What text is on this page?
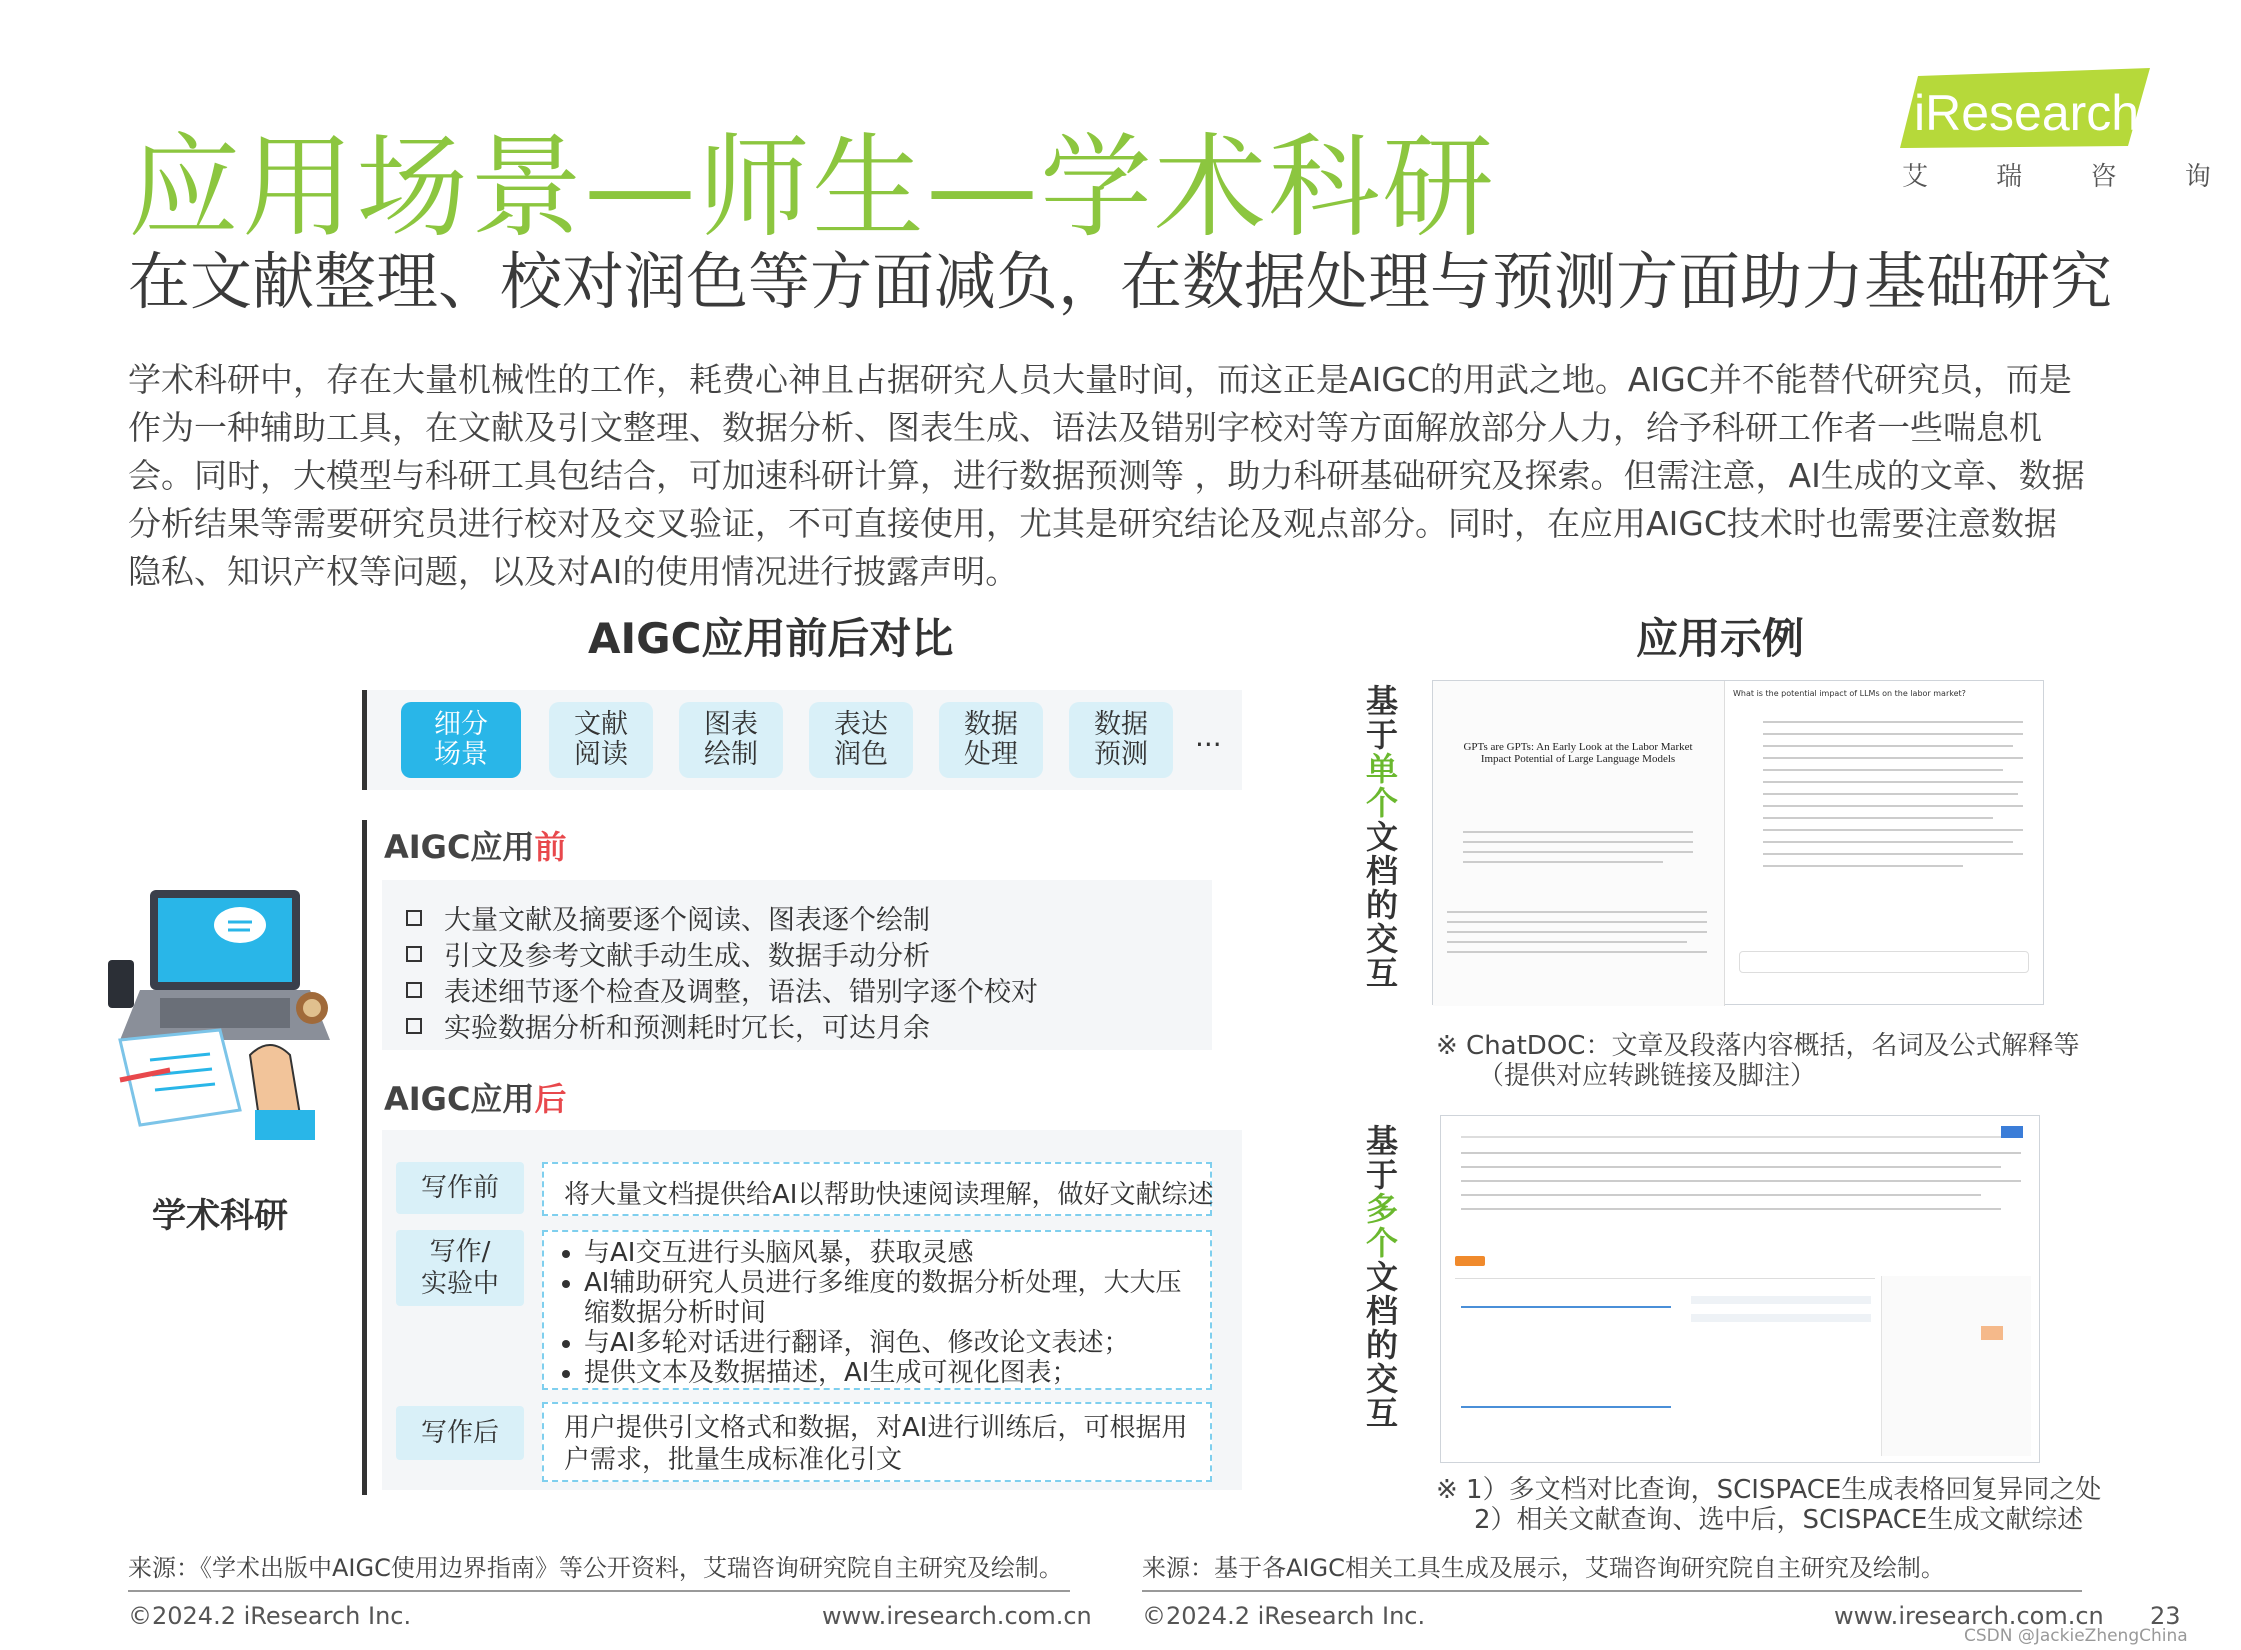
应用场景—师生—学术科研
在文献整理、校对润色等方面减负，在数据处理与预测方面助力基础研究
iResearch
艾 瑞 咨 询
学术科研中，存在大量机械性的工作，耗费心神且占据研究人员大量时间，而这正是AIGC的用武之地。AIGC并不能替代研究员，而是作为一种辅助工具，在文献及引文整理、数据分析、图表生成、语法及错别字校对等方面解放部分人力，给予科研工作者一些喘息机会。同时，大模型与科研工具包结合，可加速科研计算，进行数据预测等 ，助力科研基础研究及探索。但需注意，AI生成的文章、数据分析结果等需要研究员进行校对及交叉验证，不可直接使用，尤其是研究结论及观点部分。同时，在应用AIGC技术时也需要注意数据隐私、知识产权等问题，以及对AI的使用情况进行披露声明。
AIGC应用前后对比	应用示例
细分
场景
文献
阅读
图表
绘制
表达
润色
数据
处理
数据
预测
...
学术科研
AIGC应用前
大量文献及摘要逐个阅读、图表逐个绘制
引文及参考文献手动生成、数据手动分析
表述细节逐个检查及调整，语法、错别字逐个校对
实验数据分析和预测耗时冗长，可达月余
AIGC应用后
写作前	将大量文档提供给AI以帮助快速阅读理解，做好文献综述
写作/
实验中
• 与AI交互进行头脑风暴，获取灵感
• AI辅助研究人员进行多维度的数据分析处理，大大压缩数据分析时间
• 与AI多轮对话进行翻译，润色、修改论文表述；
• 提供文本及数据描述，AI生成可视化图表；
写作后	用户提供引文格式和数据，对AI进行训练后，可根据用户需求，批量生成标准化引文
基
于
单
个
文
档
的
交
互
GPTs are GPTs: An Early Look at the Labor Market Impact Potential of Large Language Models
What is the potential impact of LLMs on the labor market?
※ ChatDOC：文章及段落内容概括，名词及公式解释等
（提供对应转跳链接及脚注）
基
于
多
个
文
档
的
交
互
※ 1）多文档对比查询，SCISPACE生成表格回复异同之处
2）相关文献查询、选中后，SCISPACE生成文献综述
来源：《学术出版中AIGC使用边界指南》等公开资料，艾瑞咨询研究院自主研究及绘制。	来源：基于各AIGC相关工具生成及展示，艾瑞咨询研究院自主研究及绘制。
©2024.2 iResearch Inc.	www.iresearch.com.cn ©2024.2 iResearch Inc.	www.iresearch.com.cn 23
CSDN @JackieZhengChina
